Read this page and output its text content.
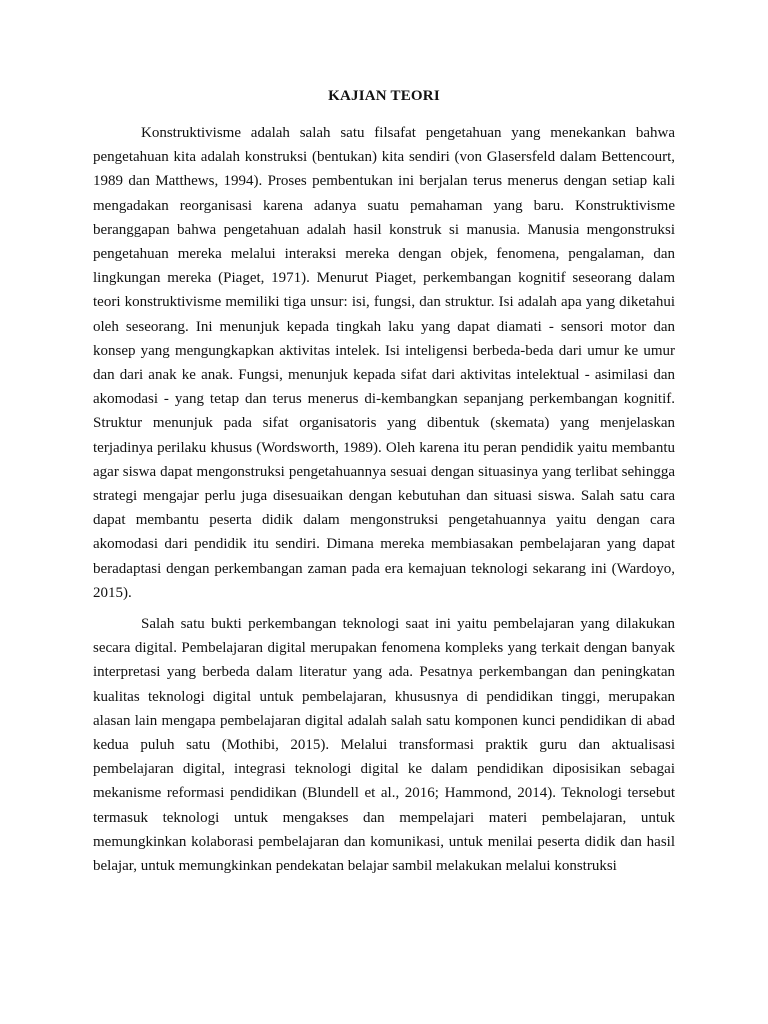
KAJIAN TEORI

Konstruktivisme adalah salah satu filsafat pengetahuan yang menekankan bahwa pengetahuan kita adalah konstruksi (bentukan) kita sendiri (von Glasersfeld dalam Bettencourt, 1989 dan Matthews, 1994). Proses pembentukan ini berjalan terus menerus dengan setiap kali mengadakan reorganisasi karena adanya suatu pemahaman yang baru. Konstruktivisme beranggapan bahwa pengetahuan adalah hasil konstruk si manusia. Manusia mengonstruksi pengetahuan mereka melalui interaksi mereka dengan objek, fenomena, pengalaman, dan lingkungan mereka (Piaget, 1971). Menurut Piaget, perkembangan kognitif seseorang dalam teori konstruktivisme memiliki tiga unsur: isi, fungsi, dan struktur. Isi adalah apa yang diketahui oleh seseorang. Ini menunjuk kepada tingkah laku yang dapat diamati - sensori motor dan konsep yang mengungkapkan aktivitas intelek. Isi inteligensi berbeda-beda dari umur ke umur dan dari anak ke anak. Fungsi, menunjuk kepada sifat dari aktivitas intelektual - asimilasi dan akomodasi - yang tetap dan terus menerus di-kembangkan sepanjang perkembangan kognitif. Struktur menunjuk pada sifat organisatoris yang dibentuk (skemata) yang menjelaskan terjadinya perilaku khusus (Wordsworth, 1989). Oleh karena itu peran pendidik yaitu membantu agar siswa dapat mengonstruksi pengetahuannya sesuai dengan situasinya yang terlibat sehingga strategi mengajar perlu juga disesuaikan dengan kebutuhan dan situasi siswa. Salah satu cara dapat membantu peserta didik dalam mengonstruksi pengetahuannya yaitu dengan cara akomodasi dari pendidik itu sendiri. Dimana mereka membiasakan pembelajaran yang dapat beradaptasi dengan perkembangan zaman pada era kemajuan teknologi sekarang ini (Wardoyo, 2015).

Salah satu bukti perkembangan teknologi saat ini yaitu pembelajaran yang dilakukan secara digital. Pembelajaran digital merupakan fenomena kompleks yang terkait dengan banyak interpretasi yang berbeda dalam literatur yang ada. Pesatnya perkembangan dan peningkatan kualitas teknologi digital untuk pembelajaran, khususnya di pendidikan tinggi, merupakan alasan lain mengapa pembelajaran digital adalah salah satu komponen kunci pendidikan di abad kedua puluh satu (Mothibi, 2015). Melalui transformasi praktik guru dan aktualisasi pembelajaran digital, integrasi teknologi digital ke dalam pendidikan diposisikan sebagai mekanisme reformasi pendidikan (Blundell et al., 2016; Hammond, 2014). Teknologi tersebut termasuk teknologi untuk mengakses dan mempelajari materi pembelajaran, untuk memungkinkan kolaborasi pembelajaran dan komunikasi, untuk menilai peserta didik dan hasil belajar, untuk memungkinkan pendekatan belajar sambil melakukan melalui konstruksi
